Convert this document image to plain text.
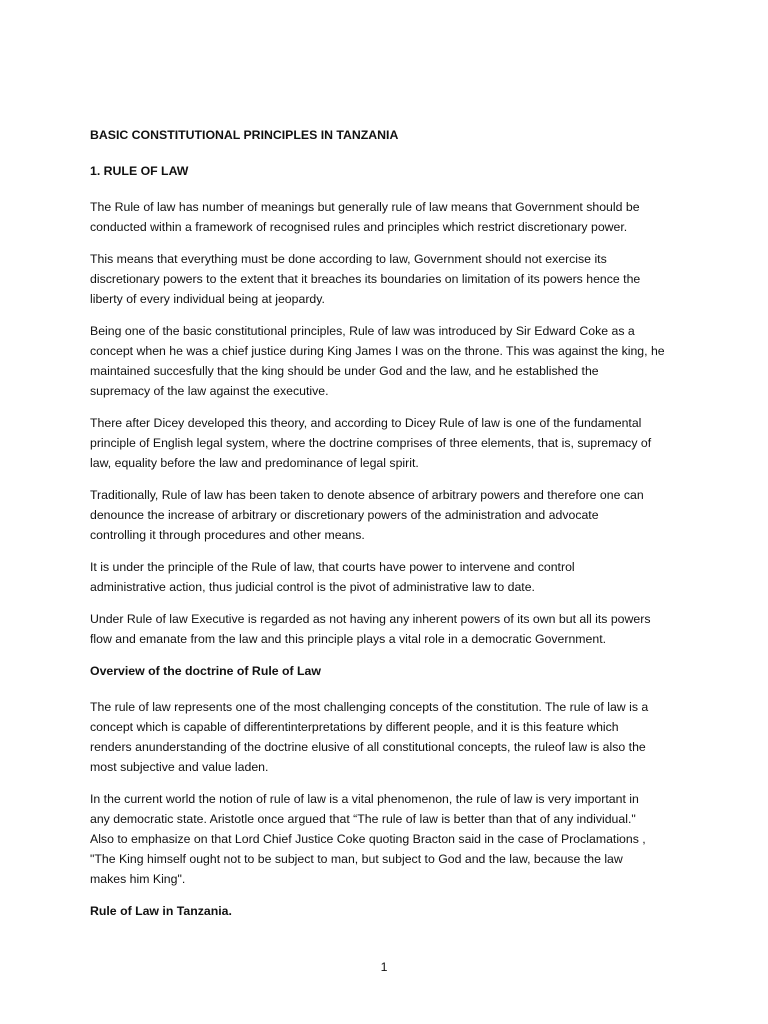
BASIC CONSTITUTIONAL PRINCIPLES IN TANZANIA
1. RULE OF LAW
The Rule of law has number of meanings but generally rule of law means that Government should be
conducted within a framework of recognised rules and principles which restrict discretionary power.
This means that everything must be done according to law, Government should not exercise its
discretionary powers to the extent that it breaches its boundaries on limitation of its powers hence the
liberty of every individual being at jeopardy.
Being one of the basic constitutional principles, Rule of law was introduced by Sir Edward Coke as a
concept when he was a chief justice during King James I was on the throne. This was against the king, he
maintained succesfully that the king should be under God and the law, and he established the
supremacy of the law against the executive.
There after Dicey developed this theory, and according to Dicey Rule of law is one of the fundamental
principle of English legal system, where the doctrine comprises of three elements, that is, supremacy of
law, equality before the law and predominance of legal spirit.
Traditionally, Rule of law has been taken to denote absence of arbitrary powers and therefore one can
denounce the increase of arbitrary or discretionary powers of the administration and advocate
controlling it through procedures and other means.
It is under the principle of the Rule of law, that courts have power to intervene and control
administrative action, thus judicial control is the pivot of administrative law to date.
Under Rule of law Executive is regarded as not having any inherent powers of its own but all its powers
flow and emanate from the law and this principle plays a vital role in a democratic Government.
Overview of the doctrine of Rule of Law
The rule of law represents one of the most challenging concepts of the constitution. The rule of law is a
concept which is capable of differentinterpretations by different people, and it is this feature which
renders anunderstanding of the doctrine elusive of all constitutional concepts, the ruleof law is also the
most subjective and value laden.
In the current world the notion of rule of law is a vital phenomenon, the rule of law is very important in
any democratic state. Aristotle once argued that “The rule of law is better than that of any individual."
Also to emphasize on that Lord Chief Justice Coke quoting Bracton said in the case of Proclamations ,
"The King himself ought not to be subject to man, but subject to God and the law, because the law
makes him King".
Rule of Law in Tanzania.
1
